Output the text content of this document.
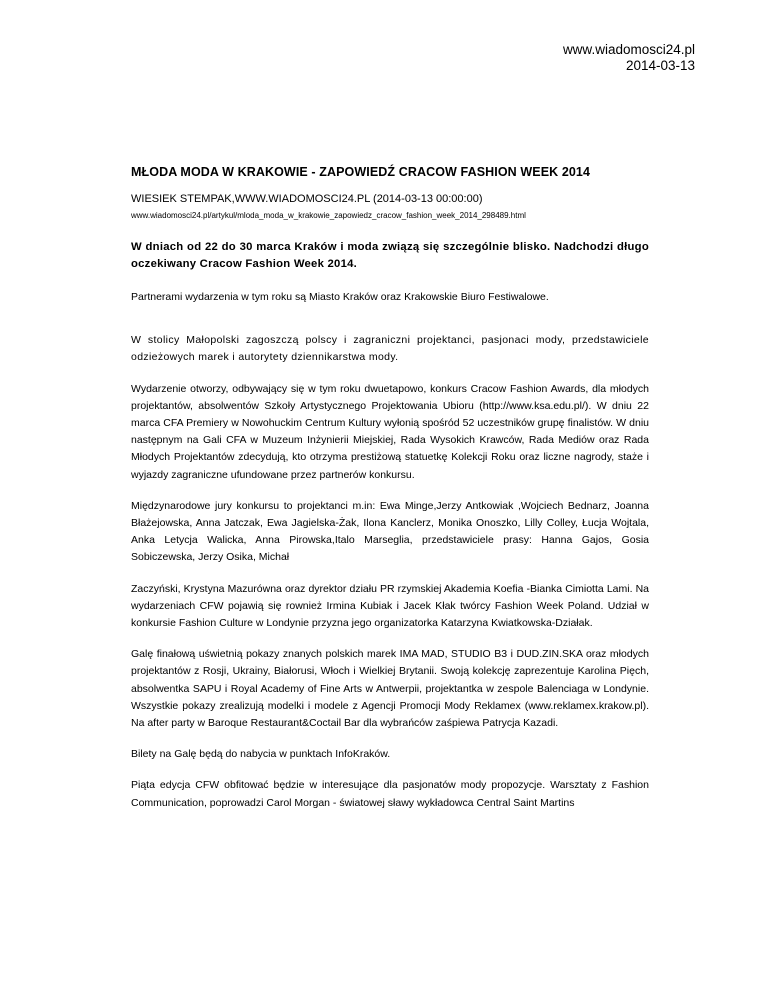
www.wiadomosci24.pl
2014-03-13
MŁODA MODA W KRAKOWIE - ZAPOWIEDŹ CRACOW FASHION WEEK 2014
WIESIEK STEMPAK,WWW.WIADOMOSCI24.PL (2014-03-13 00:00:00)
www.wiadomosci24.pl/artykul/mloda_moda_w_krakowie_zapowiedz_cracow_fashion_week_2014_298489.html
W dniach od 22 do 30 marca Kraków i moda związą się szczególnie blisko. Nadchodzi długo oczekiwany Cracow Fashion Week 2014.

Partnerami wydarzenia w tym roku są Miasto Kraków oraz Krakowskie Biuro Festiwalowe.

W stolicy Małopolski zagoszczą polscy i zagraniczni projektanci, pasjonaci mody, przedstawiciele odzieżowych marek i autorytety dziennikarstwa mody.

Wydarzenie otworzy, odbywający się w tym roku dwuetapowo, konkurs Cracow Fashion Awards, dla młodych projektantów, absolwentów Szkoły Artystycznego Projektowania Ubioru (http://www.ksa.edu.pl/). W dniu 22 marca CFA Premiery w Nowohuckim Centrum Kultury wyłonią spośród 52 uczestników grupę finalistów. W dniu następnym na Gali CFA w Muzeum Inżynierii Miejskiej, Rada Wysokich Krawców, Rada Mediów oraz Rada Młodych Projektantów zdecydują, kto otrzyma prestiżową statuetkę Kolekcji Roku oraz liczne nagrody, staże i wyjazdy zagraniczne ufundowane przez partnerów konkursu.

Międzynarodowe jury konkursu to projektanci m.in: Ewa Minge,Jerzy Antkowiak ,Wojciech Bednarz, Joanna Błażejowska, Anna Jatczak, Ewa Jagielska-Żak, Ilona Kanclerz, Monika Onoszko, Lilly Colley, Łucja Wojtala, Anka Letycja Walicka, Anna Pirowska,Italo Marseglia, przedstawiciele prasy: Hanna Gajos, Gosia Sobiczewska, Jerzy Osika, Michał

Zaczyński, Krystyna Mazurówna oraz dyrektor działu PR rzymskiej Akademia Koefia -Bianka Cimiotta Lami. Na wydarzeniach CFW pojawią się rownież Irmina Kubiak i Jacek Kłak twórcy Fashion Week Poland. Udział w konkursie Fashion Culture w Londynie przyzna jego organizatorka Katarzyna Kwiatkowska-Działak.

Galę finałową uświetnią pokazy znanych polskich marek IMA MAD, STUDIO B3 i DUD.ZIN.SKA oraz młodych projektantów z Rosji, Ukrainy, Białorusi, Włoch i Wielkiej Brytanii. Swoją kolekcję zaprezentuje Karolina Pięch, absolwentka SAPU i Royal Academy of Fine Arts w Antwerpii, projektantka w zespole Balenciaga w Londynie. Wszystkie pokazy zrealizują modelki i modele z Agencji Promocji Mody Reklamex (www.reklamex.krakow.pl). Na after party w Baroque Restaurant&Coctail Bar dla wybrańców zaśpiewa Patrycja Kazadi.

Bilety na Galę będą do nabycia w punktach InfoKraków.

Piąta edycja CFW obfitować będzie w interesujące dla pasjonatów mody propozycje. Warsztaty z Fashion Communication, poprowadzi Carol Morgan - światowej sławy wykładowca Central Saint Martins
